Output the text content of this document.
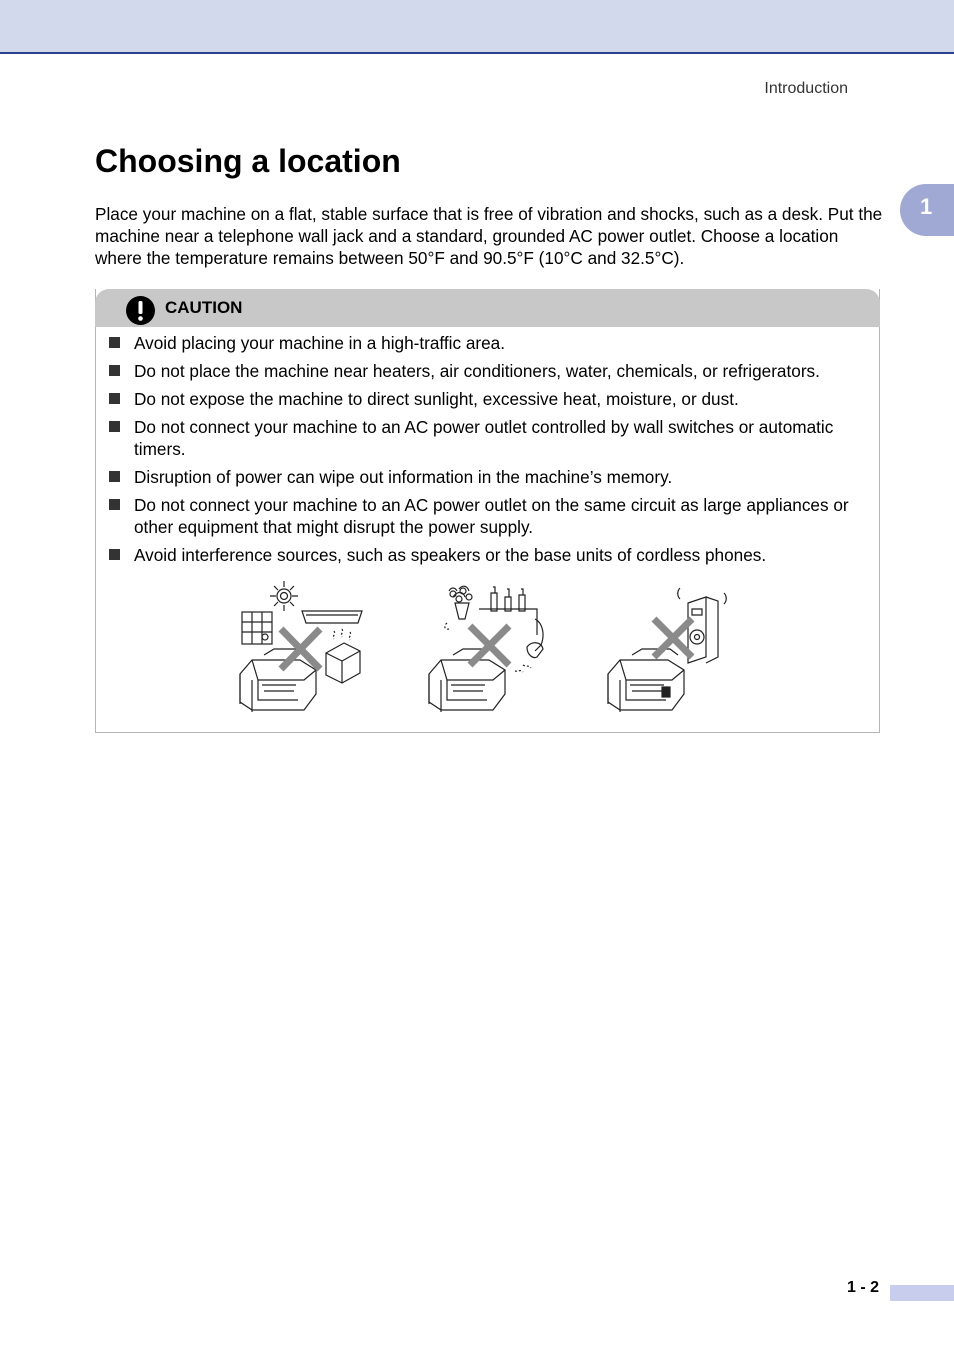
Introduction
1
Choosing a location

Place your machine on a flat, stable surface that is free of vibration and shocks, such as a desk. Put the machine near a telephone wall jack and a standard, grounded AC power outlet. Choose a location where the temperature remains between 50°F and 90.5°F (10°C and 32.5°C).

CAUTION
Avoid placing your machine in a high-traffic area.
Do not place the machine near heaters, air conditioners, water, chemicals, or refrigerators.
Do not expose the machine to direct sunlight, excessive heat, moisture, or dust.
Do not connect your machine to an AC power outlet controlled by wall switches or automatic timers.
Disruption of power can wipe out information in the machine’s memory.
Do not connect your machine to an AC power outlet on the same circuit as large appliances or other equipment that might disrupt the power supply.
Avoid interference sources, such as speakers or the base units of cordless phones.
1 - 2
